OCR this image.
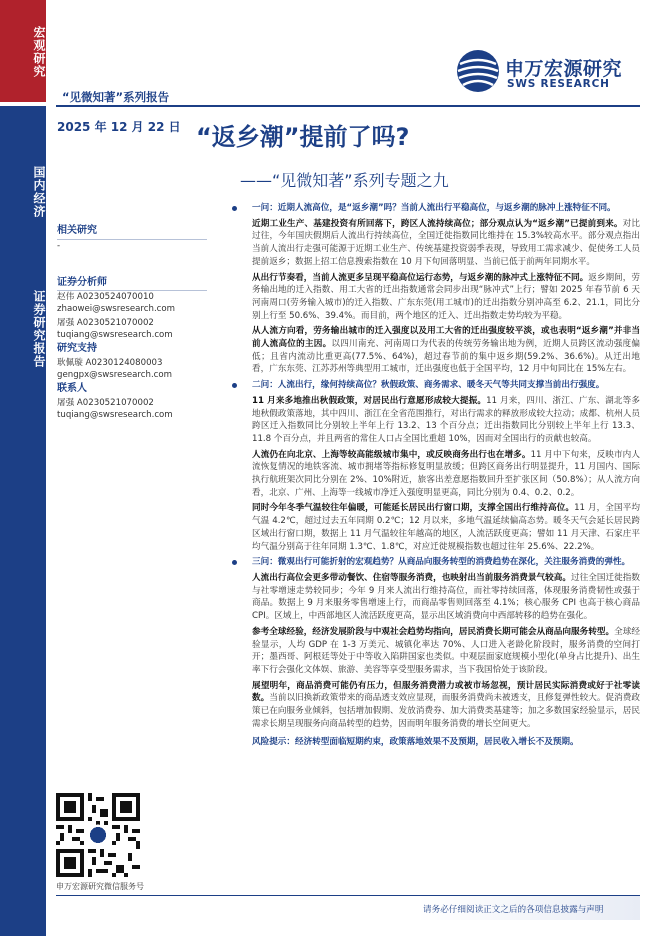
宏观研究
国内经济
证券研究报告
“见微知著”系列报告
申万宏源研究
SWS RESEARCH
2025 年 12 月 22 日 “返乡潮”提前了吗?
——“见微知著”系列专题之九
相关研究
-
证券分析师
赵伟 A0230524070010
zhaowei@swsresearch.com
屠强 A0230521070002
tuqiang@swsresearch.com
研究支持
耿佩璇 A0230124080003
gengpx@swsresearch.com
联系人
屠强 A0230521070002
tuqiang@swsresearch.com
申万宏源研究微信服务号
一问：近期人流高位，是“返乡潮”吗？当前人流出行平稳高位，与返乡潮的脉冲上涨特征不同。
近期工业生产、基建投资有所回落下，跨区人流持续高位；部分观点认为“返乡潮”已提前到来。对比过往，今年国庆假期后人流出行持续高位，全国迁徙指数同比维持在 15.3%较高水平。部分观点指出当前人流出行走强可能源于近期工业生产、传统基建投资弱季表现，导致用工需求减少、促使务工人员提前返乡；数据上招工信息搜索指数在 10 月下旬回落明显、当前已低于前两年同期水平。
从出行节奏看，当前人流更多呈现平稳高位运行态势，与返乡潮的脉冲式上涨特征不同。返乡期间，劳务输出地的迁入指数、用工大省的迁出指数通常会同步出现“脉冲式”上行；譬如 2025 年春节前 6 天河南周口(劳务输入城市)的迁入指数、广东东莞(用工城市)的迁出指数分别冲高至 6.2、21.1，同比分别上行至 50.6%、39.4%。而目前，两个地区的迁入、迁出指数走势均较为平稳。
从人流方向看，劳务输出城市的迁入强度以及用工大省的迁出强度较平淡，或也表明“返乡潮”并非当前人流高位的主因。以四川南充、河南周口为代表的传统劳务输出地为例，近期人员跨区流动强度偏低；且省内流动比重更高(77.5%、64%)，超过春节前的集中返乡期(59.2%、36.6%)。从迁出地看，广东东莞、江苏苏州等典型用工城市，迁出强度也低于全国平均，12 月中旬同比在 15%左右。
二问：人流出行，缘何持续高位？秋假政策、商务需求、暖冬天气等共同支撑当前出行强度。
11 月来多地推出秋假政策，对居民出行意愿形成较大提振。11 月来，四川、浙江、广东、湖北等多地秋假政策落地，其中四川、浙江在全省范围推行，对出行需求的释放形成较大拉动；成都、杭州人员跨区迁入指数同比分别较上半年上行 13.2、13 个百分点；迁出指数同比分别较上半年上行 13.3、11.8 个百分点，并且两省的常住人口占全国比重超 10%，因而对全国出行的贡献也较高。
人流仍在向北京、上海等较高能级城市集中，或反映商务出行也在增多。11 月中下旬来，反映市内人流恢复情况的地铁客流、城市拥堵等指标修复明显放缓；但跨区商务出行明显提升，11 月国内、国际执行航班架次同比分别在 2%、10%附近，旅客出差意愿指数回升至扩张区间（50.8%）；从人流方向看，北京、广州、上海等一线城市净迁入强度明显更高，同比分别为 0.4、0.2、0.2。
同时今年冬季气温较往年偏暖，可能延长居民出行窗口期，支撑全国出行维持高位。11 月，全国平均气温 4.2℃，超过过去五年同期 0.2℃；12 月以来，多地气温延续偏高态势。暖冬天气会延长居民跨区域出行窗口期，数据上 11 月气温较往年越高的地区，人流活跃度更高；譬如 11 月天津、石家庄平均气温分别高于往年同期 1.3℃、1.8℃，对应迁徙规模指数也超过往年 25.6%、22.2%。
三问：微观出行可能折射的宏观趋势？从商品向服务转型的消费趋势在深化，关注服务消费的弹性。
人流出行高位会更多带动餐饮、住宿等服务消费，也映射出当前服务消费景气较高。过往全国迁徙指数与社零增速走势较同步；今年 9 月来人流出行维持高位，而社零持续回落，体现服务消费韧性或强于商品。数据上 9 月来服务零售增速上行，而商品零售则回落至 4.1%；核心服务 CPI 也高于核心商品 CPI。区域上，中西部地区人流活跃度更高，显示出区域消费向中西部转移的趋势在强化。
参考全球经验，经济发展阶段与中观社会趋势均指向，居民消费长期可能会从商品向服务转型。全球经验显示，人均 GDP 在 1-3 万美元、城镇化率达 70%、人口进入老龄化阶段时，服务消费的空间打开；墨西哥、阿根廷等处于中等收入陷阱国家也类似。中观层面家庭规模小型化(单身占比提升)、出生率下行会强化文体娱、旅游、美容等享受型服务需求，当下我国恰处于该阶段。
展望明年，商品消费可能仍有压力，但服务消费潜力或被市场忽视，预计居民实际消费或好于社零读数。当前以旧换新政策带来的商品透支效应显现，而服务消费尚未被透支，且修复弹性较大。促消费政策已在向服务业倾斜，包括增加假期、发放消费券、加大消费类基建等；加之多数国家经验显示，居民需求长期呈现服务向商品转型的趋势，因而明年服务消费的增长空间更大。
风险提示：经济转型面临短期约束，政策落地效果不及预期，居民收入增长不及预期。
请务必仔细阅读正文之后的各项信息披露与声明
